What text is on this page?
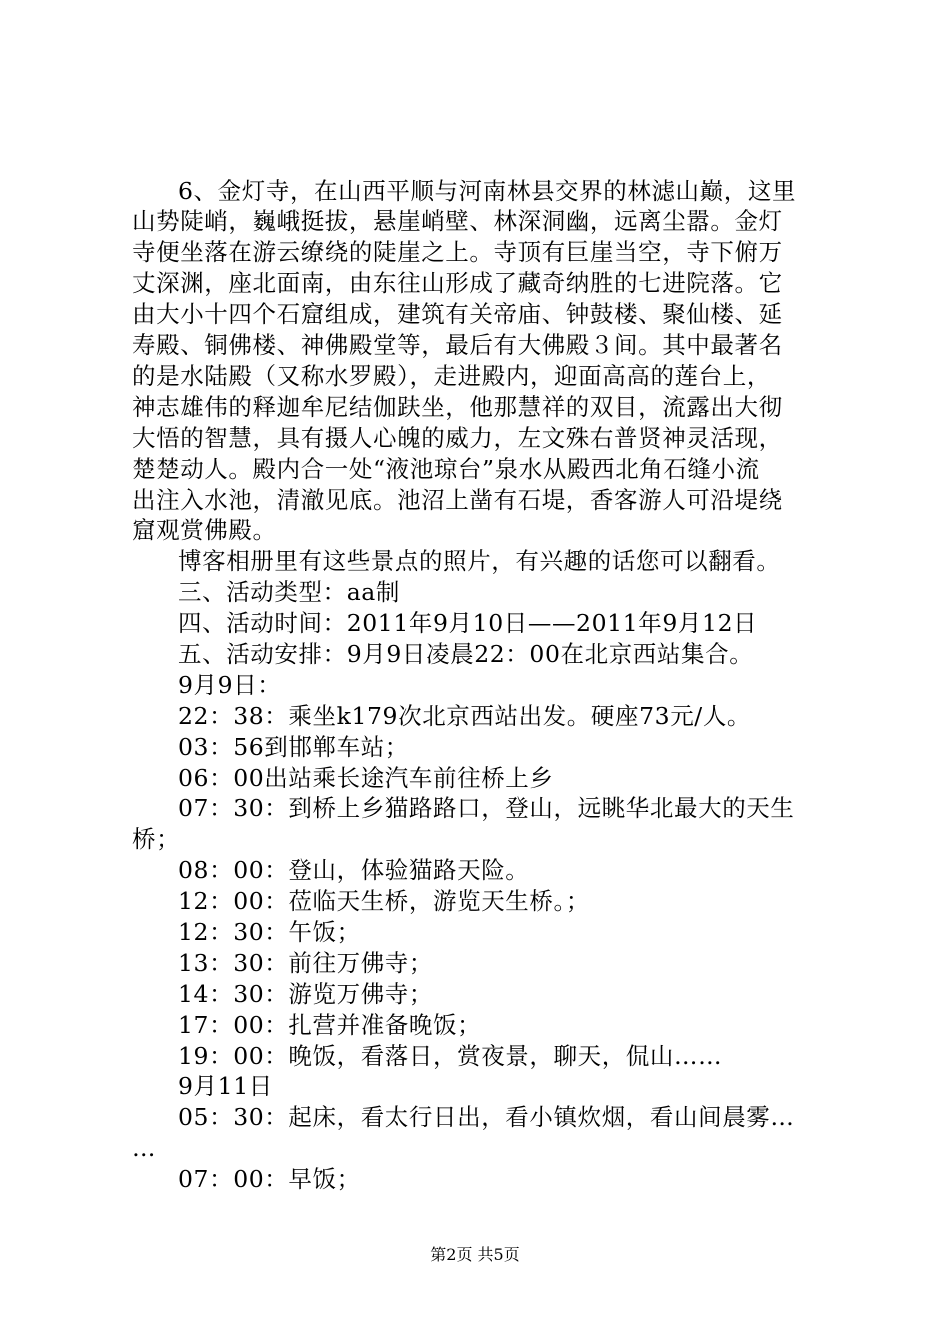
6、金灯寺，在山西平顺与河南林县交界的林滤山巅，这里
山势陡峭，巍峨挺拔，悬崖峭壁、林深洞幽，远离尘嚣。金灯
寺便坐落在游云缭绕的陡崖之上。寺顶有巨崖当空，寺下俯万
丈深渊，座北面南，由东往山形成了藏奇纳胜的七进院落。它
由大小十四个石窟组成，建筑有关帝庙、钟鼓楼、聚仙楼、延
寿殿、铜佛楼、神佛殿堂等，最后有大佛殿３间。其中最著名
的是水陆殿（又称水罗殿），走进殿内，迎面高高的莲台上，
神志雄伟的释迦牟尼结伽趺坐，他那慧祥的双目，流露出大彻
大悟的智慧，具有摄人心魄的威力，左文殊右普贤神灵活现，
楚楚动人。殿内合一处“液池琼台”泉水从殿西北角石缝小流
出注入水池，清澈见底。池沼上凿有石堤，香客游人可沿堤绕
窟观赏佛殿。
博客相册里有这些景点的照片，有兴趣的话您可以翻看。
三、活动类型：aa制
四、活动时间：2011年9月10日——2011年9月12日
五、活动安排：9月9日凌晨22：00在北京西站集合。
9月9日：
22：38：乘坐k179次北京西站出发。硬座73元/人。
03：56到邯郸车站；
06：00出站乘长途汽车前往桥上乡
07：30：到桥上乡猫路路口，登山，远眺华北最大的天生
桥；
08：00：登山，体验猫路天险。
12：00：莅临天生桥，游览天生桥。；
12：30：午饭；
13：30：前往万佛寺；
14：30：游览万佛寺；
17：00：扎营并准备晚饭；
19：00：晚饭，看落日，赏夜景，聊天，侃山……
9月11日
05：30：起床，看太行日出，看小镇炊烟，看山间晨雾…
…
07：00：早饭；
第2页 共5页
